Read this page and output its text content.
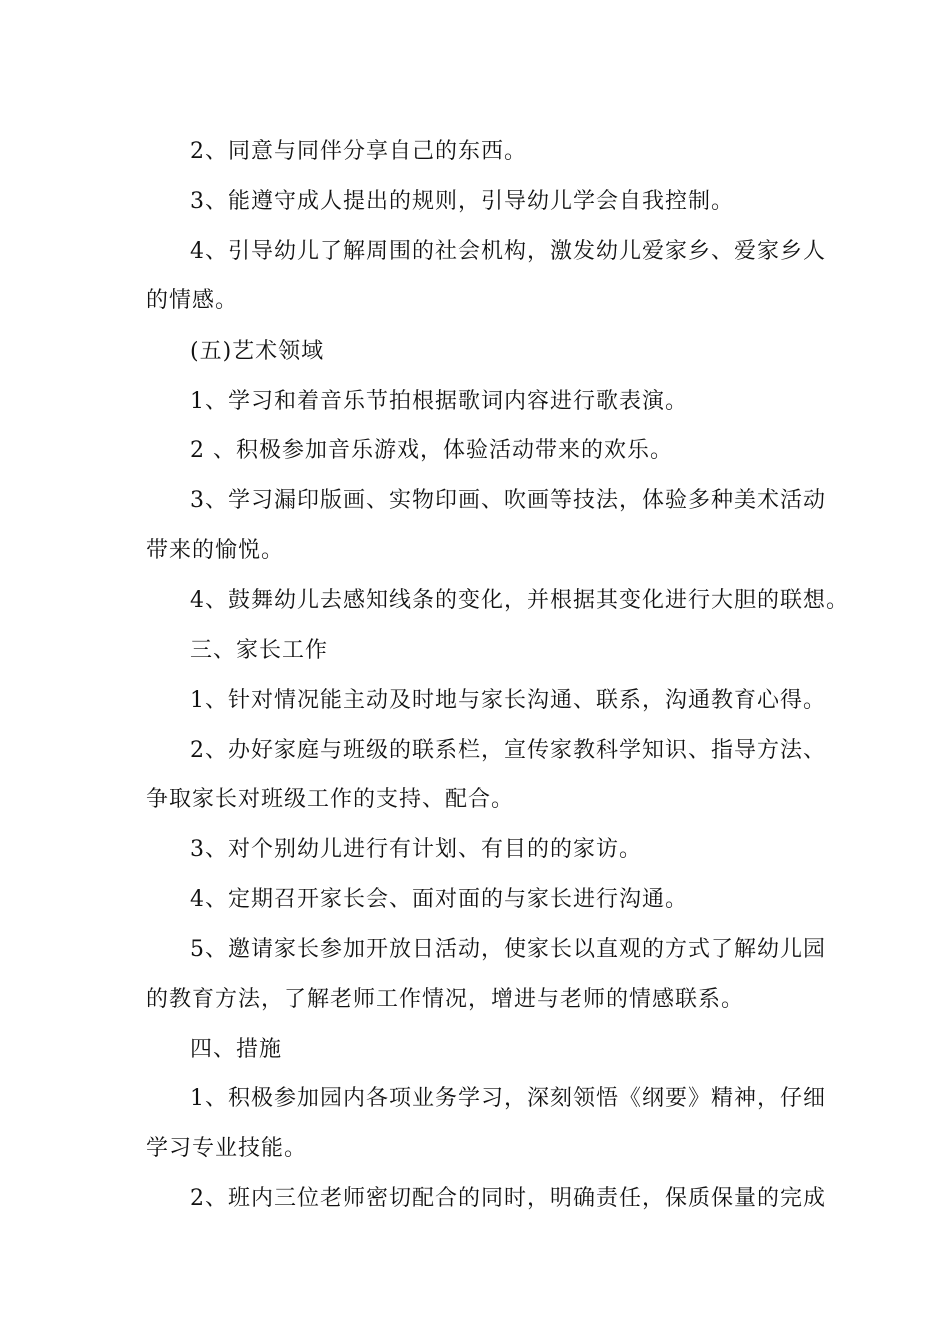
2、同意与同伴分享自己的东西。
3、能遵守成人提出的规则，引导幼儿学会自我控制。
4、引导幼儿了解周围的社会机构，激发幼儿爱家乡、爱家乡人
的情感。
(五)艺术领域
1、学习和着音乐节拍根据歌词内容进行歌表演。
2 、积极参加音乐游戏，体验活动带来的欢乐。
3、学习漏印版画、实物印画、吹画等技法，体验多种美术活动
带来的愉悦。
4、鼓舞幼儿去感知线条的变化，并根据其变化进行大胆的联想。
三、家长工作
1、针对情况能主动及时地与家长沟通、联系，沟通教育心得。
2、办好家庭与班级的联系栏，宣传家教科学知识、指导方法、
争取家长对班级工作的支持、配合。
3、对个别幼儿进行有计划、有目的的家访。
4、定期召开家长会、面对面的与家长进行沟通。
5、邀请家长参加开放日活动，使家长以直观的方式了解幼儿园
的教育方法，了解老师工作情况，增进与老师的情感联系。
四、措施
1、积极参加园内各项业务学习，深刻领悟《纲要》精神，仔细
学习专业技能。
2、班内三位老师密切配合的同时，明确责任，保质保量的完成
